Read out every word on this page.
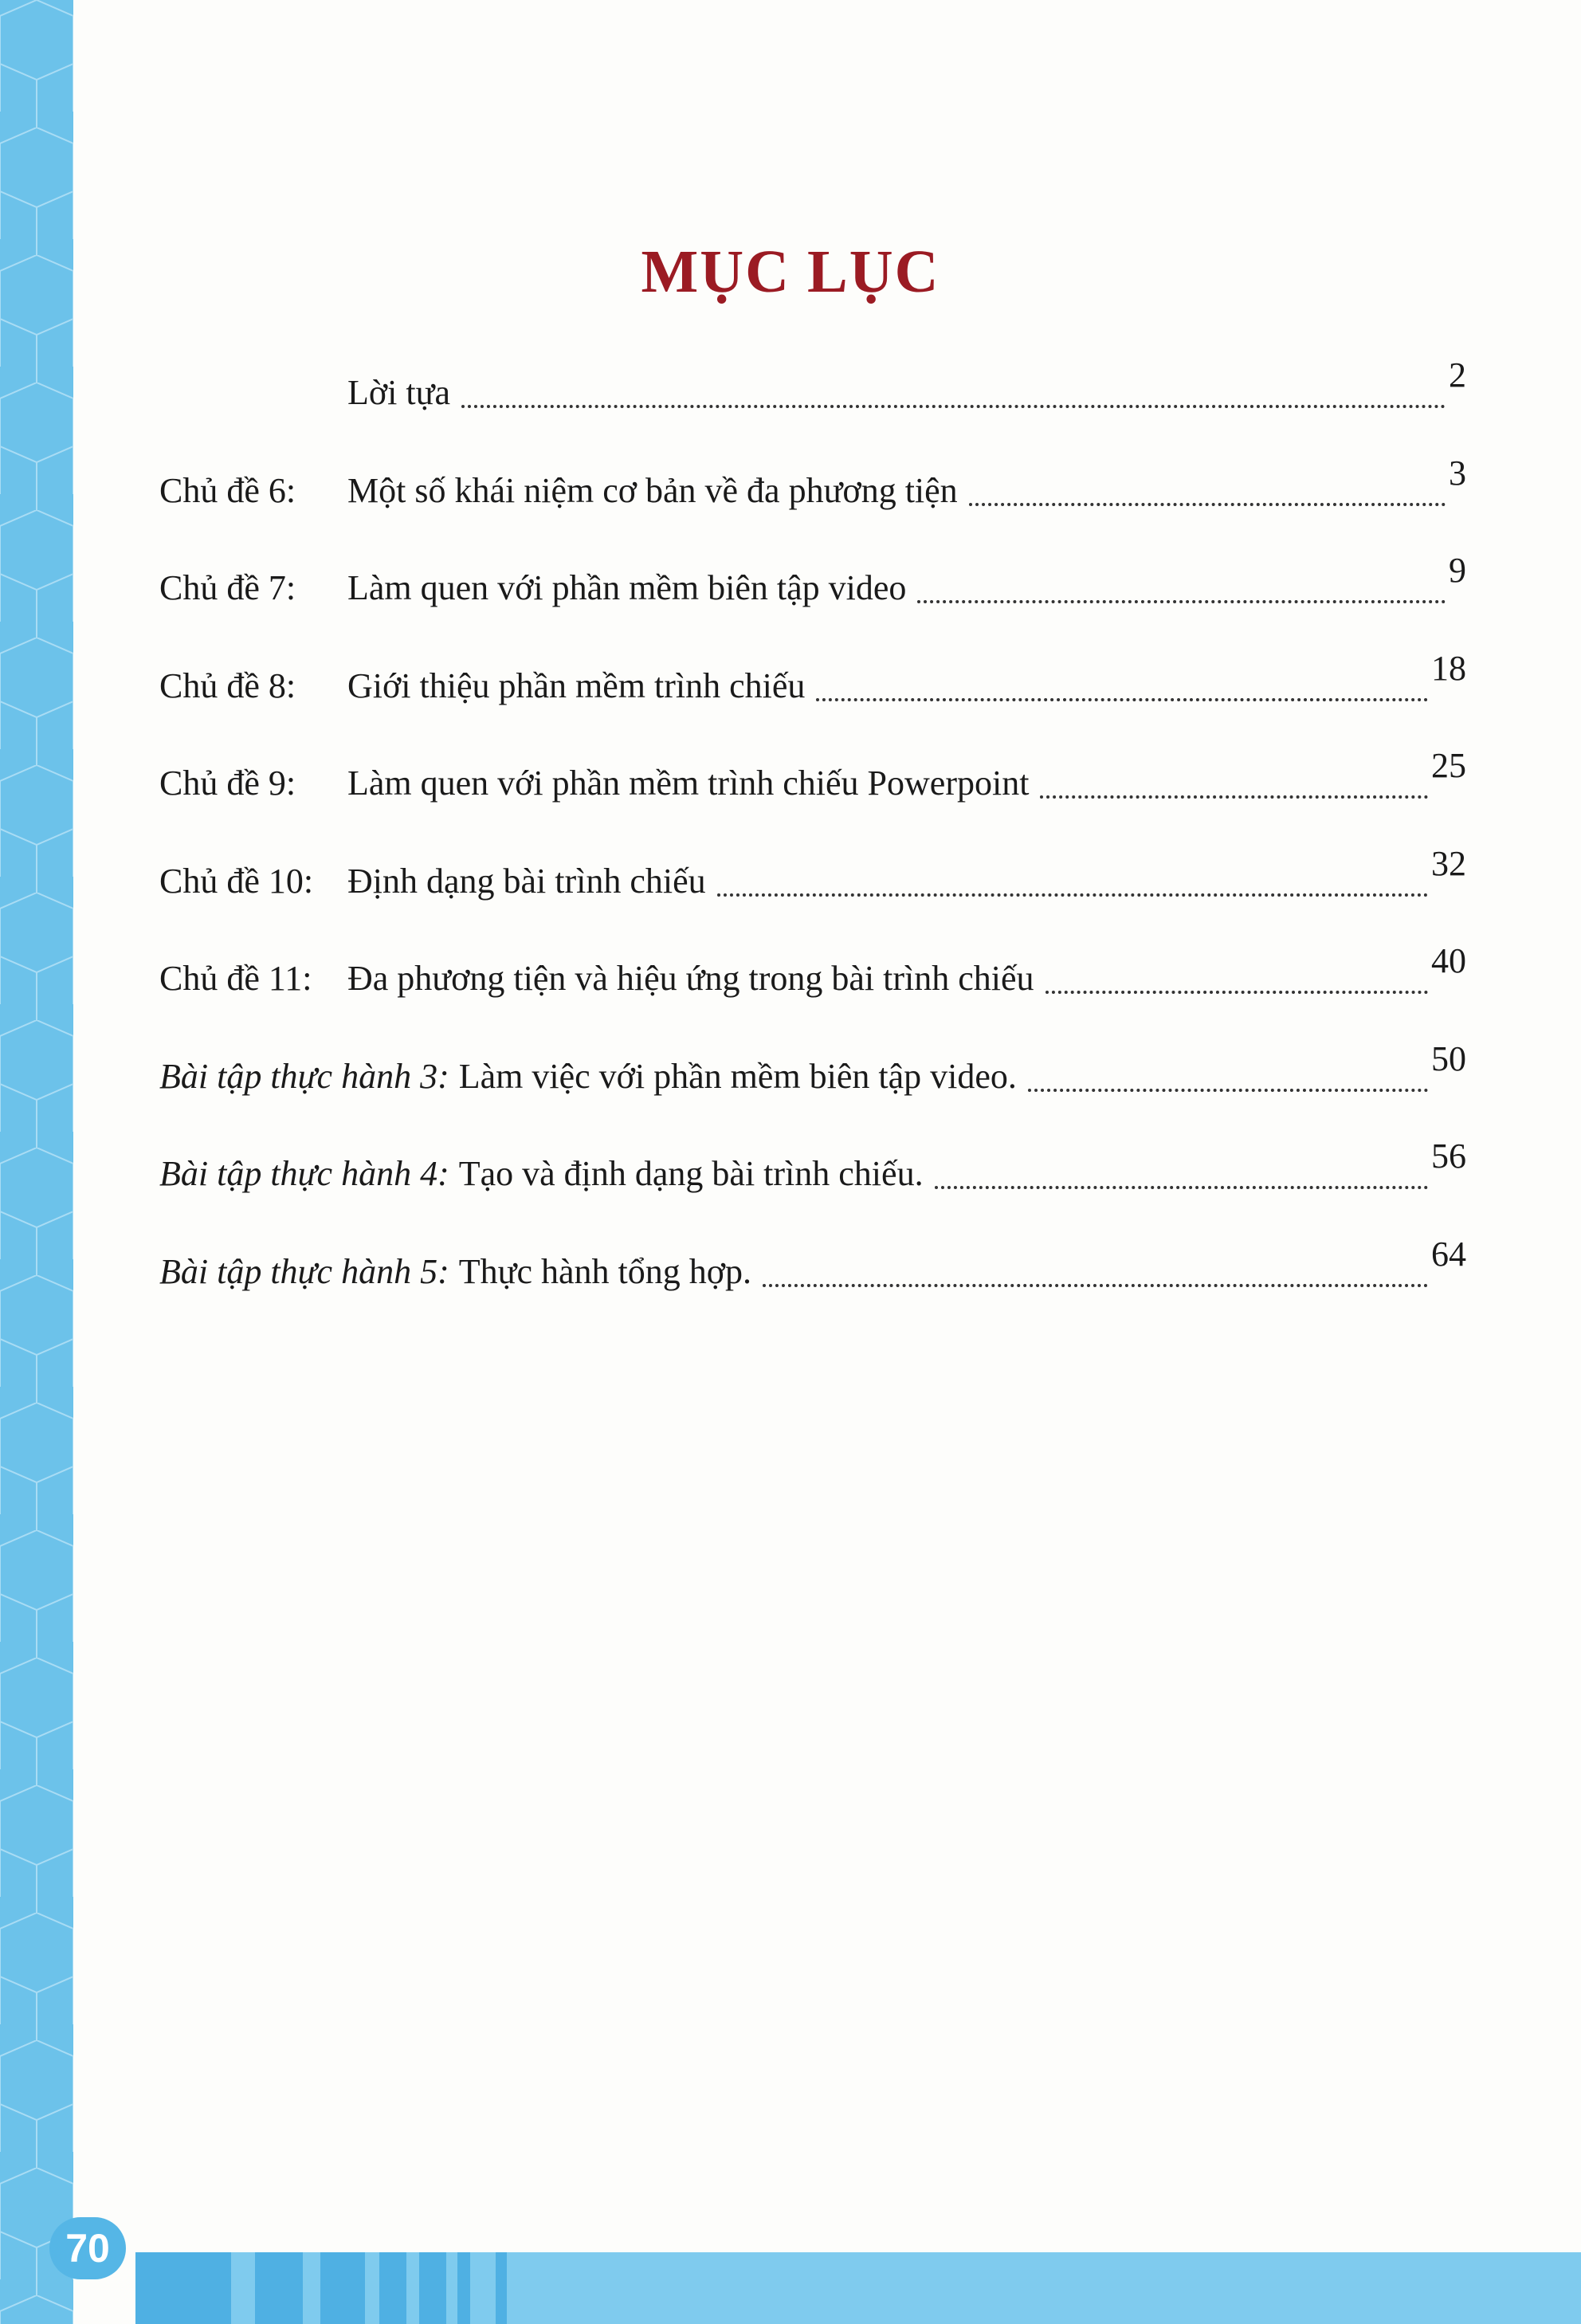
MỤC LỤC
Lời tựa	2
Chủ đề 6: Một số khái niệm cơ bản về đa phương tiện	3
Chủ đề 7: Làm quen với phần mềm biên tập video	9
Chủ đề 8: Giới thiệu phần mềm trình chiếu	18
Chủ đề 9: Làm quen với phần mềm trình chiếu Powerpoint	25
Chủ đề 10: Định dạng bài trình chiếu	32
Chủ đề 11: Đa phương tiện và hiệu ứng trong bài trình chiếu	40
Bài tập thực hành 3: Làm việc với phần mềm biên tập video.	50
Bài tập thực hành 4: Tạo và định dạng bài trình chiếu.	56
Bài tập thực hành 5: Thực hành tổng hợp.	64
70
